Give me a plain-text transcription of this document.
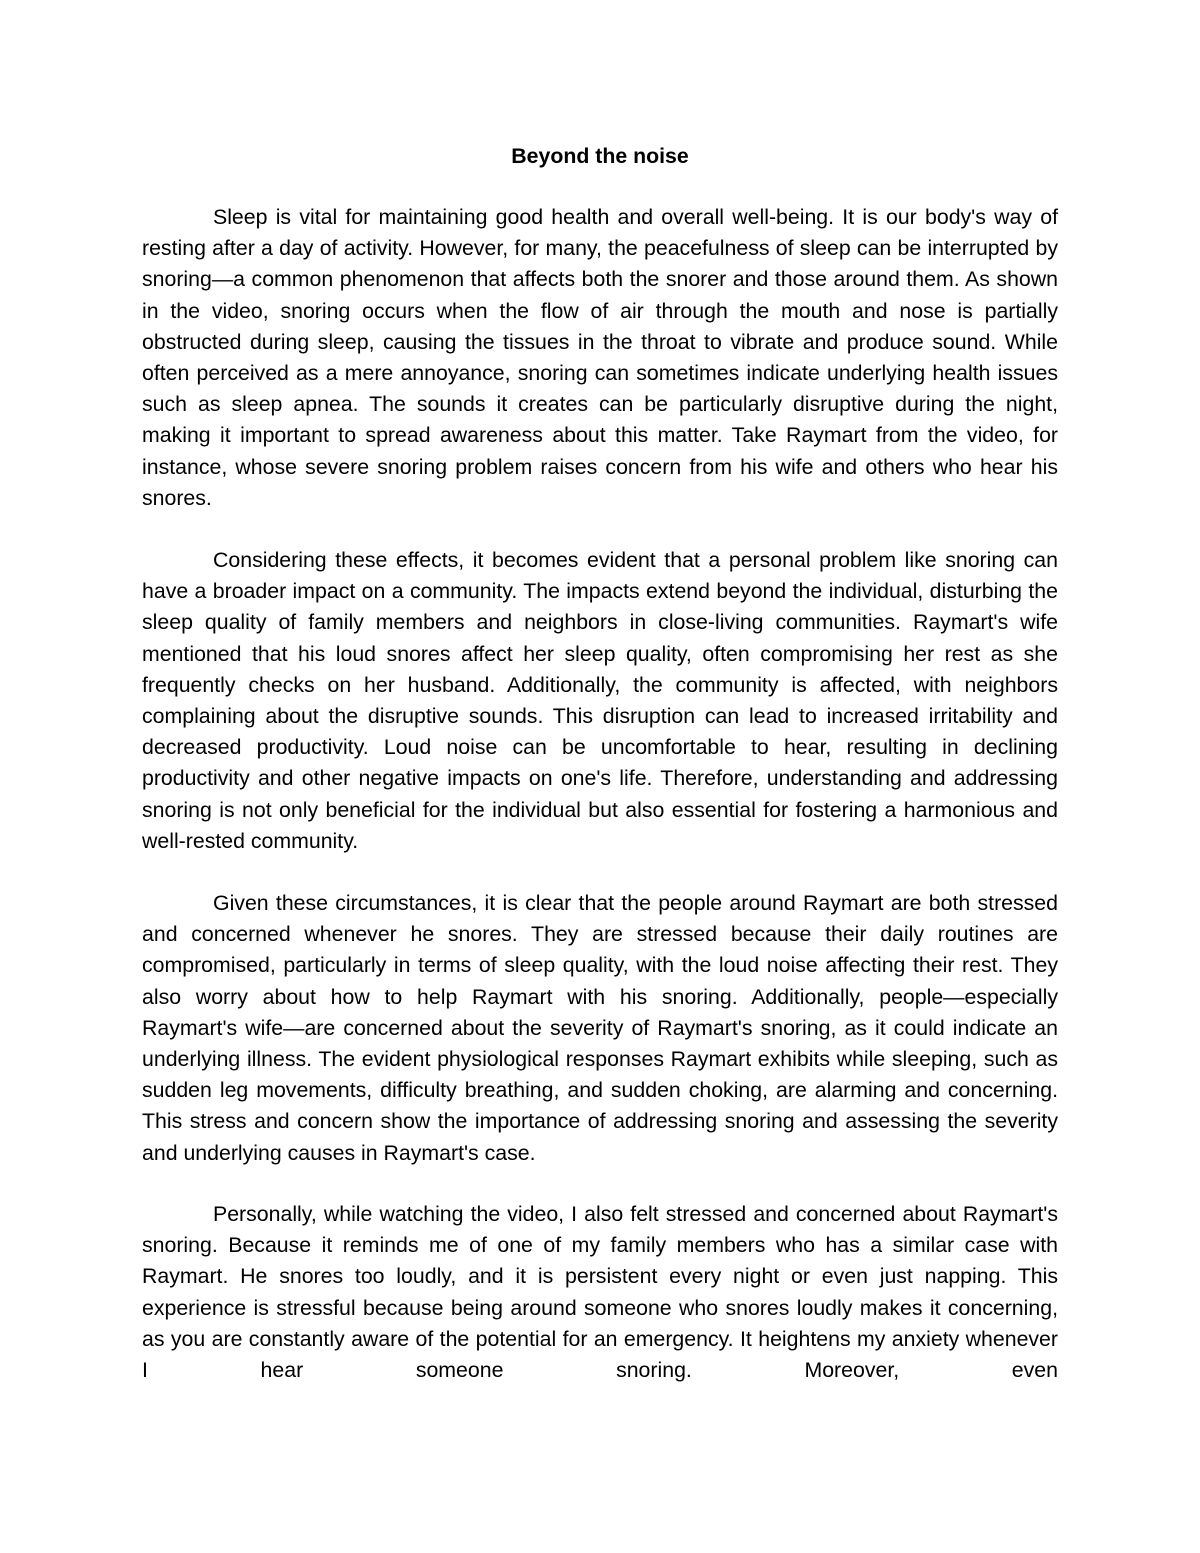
Beyond the noise

Sleep is vital for maintaining good health and overall well-being. It is our body's way of resting after a day of activity. However, for many, the peacefulness of sleep can be interrupted by snoring—a common phenomenon that affects both the snorer and those around them. As shown in the video, snoring occurs when the flow of air through the mouth and nose is partially obstructed during sleep, causing the tissues in the throat to vibrate and produce sound. While often perceived as a mere annoyance, snoring can sometimes indicate underlying health issues such as sleep apnea. The sounds it creates can be particularly disruptive during the night, making it important to spread awareness about this matter. Take Raymart from the video, for instance, whose severe snoring problem raises concern from his wife and others who hear his snores.

Considering these effects, it becomes evident that a personal problem like snoring can have a broader impact on a community. The impacts extend beyond the individual, disturbing the sleep quality of family members and neighbors in close-living communities. Raymart's wife mentioned that his loud snores affect her sleep quality, often compromising her rest as she frequently checks on her husband. Additionally, the community is affected, with neighbors complaining about the disruptive sounds. This disruption can lead to increased irritability and decreased productivity. Loud noise can be uncomfortable to hear, resulting in declining productivity and other negative impacts on one's life. Therefore, understanding and addressing snoring is not only beneficial for the individual but also essential for fostering a harmonious and well-rested community.

Given these circumstances, it is clear that the people around Raymart are both stressed and concerned whenever he snores. They are stressed because their daily routines are compromised, particularly in terms of sleep quality, with the loud noise affecting their rest. They also worry about how to help Raymart with his snoring. Additionally, people—especially Raymart's wife—are concerned about the severity of Raymart's snoring, as it could indicate an underlying illness. The evident physiological responses Raymart exhibits while sleeping, such as sudden leg movements, difficulty breathing, and sudden choking, are alarming and concerning. This stress and concern show the importance of addressing snoring and assessing the severity and underlying causes in Raymart's case.

Personally, while watching the video, I also felt stressed and concerned about Raymart's snoring. Because it reminds me of one of my family members who has a similar case with Raymart. He snores too loudly, and it is persistent every night or even just napping. This experience is stressful because being around someone who snores loudly makes it concerning, as you are constantly aware of the potential for an emergency. It heightens my anxiety whenever I hear someone snoring. Moreover, even
